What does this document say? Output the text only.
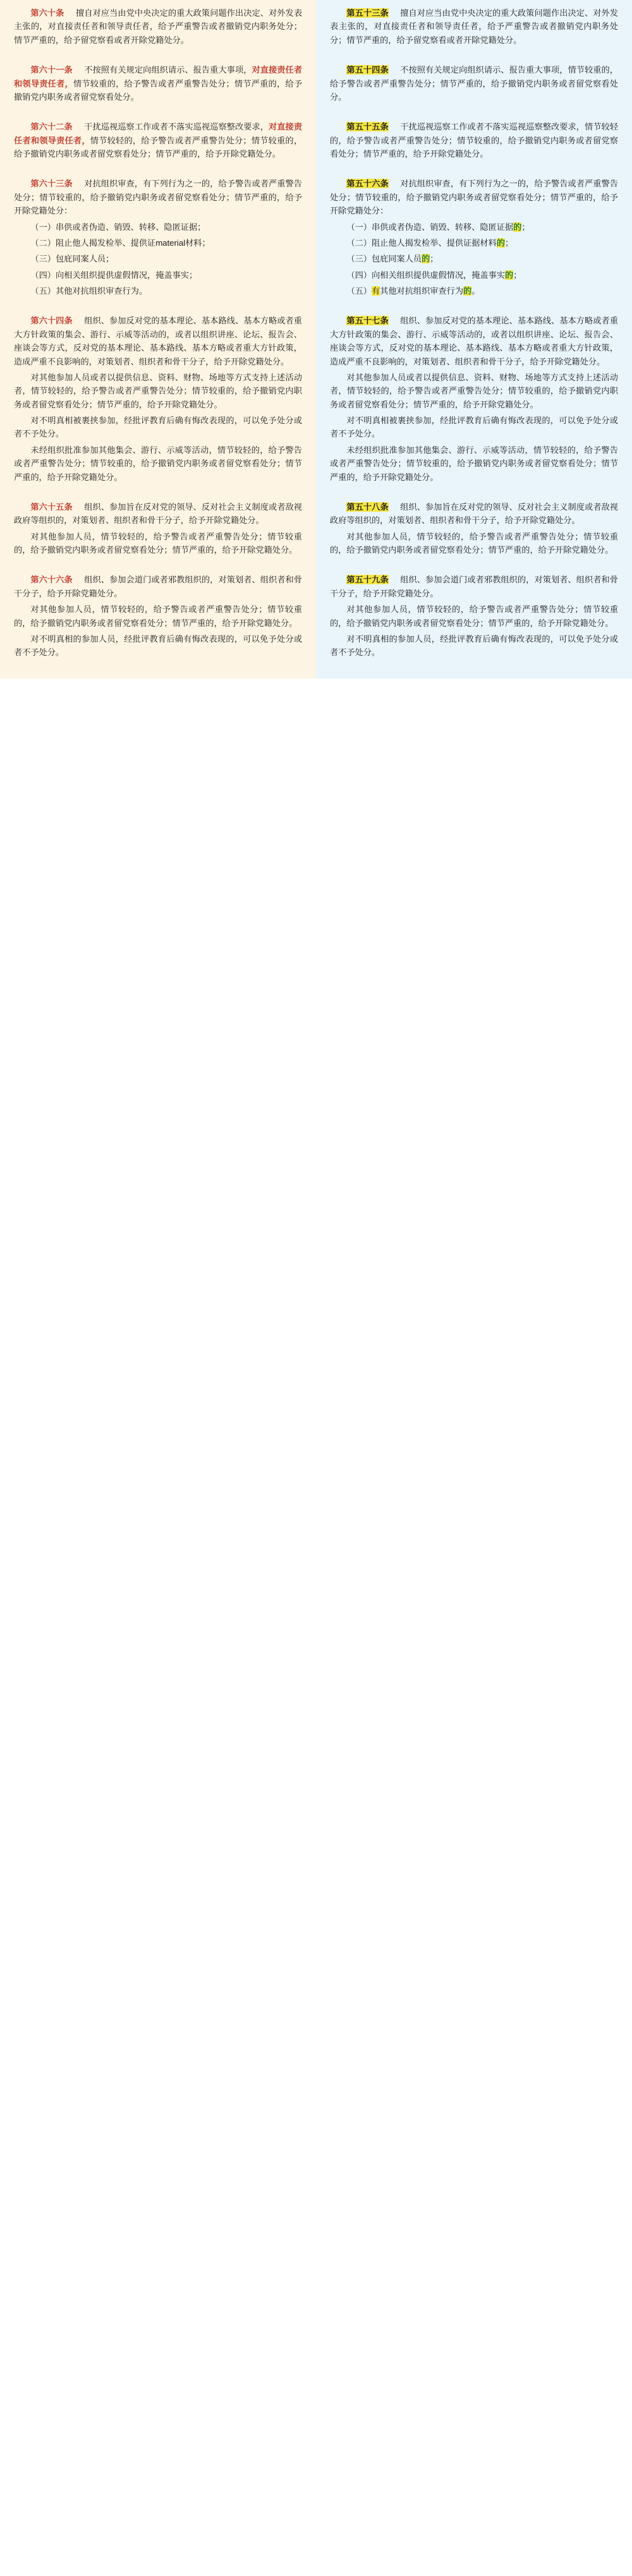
第六十条 擅自对应当由党中央决定的重大政策问题作出决定、对外发表主张的，对直接责任者和领导责任者，给予严重警告或者撤销党内职务处分；情节严重的，给予留党察看或者开除党籍处分。

第六十一条 不按照有关规定向组织请示、报告重大事项，对直接责任者和领导责任者，情节较重的，给予警告或者严重警告处分；情节严重的，给予撤销党内职务或者留党察看处分。

第六十二条 干扰巡视巡察工作或者不落实巡视巡察整改要求，对直接责任者和领导责任者，情节较轻的，给予警告或者严重警告处分；情节较重的，给予撤销党内职务或者留党察看处分；情节严重的，给予开除党籍处分。

第六十三条 对抗组织审查，有下列行为之一的，给予警告或者严重警告处分；情节较重的，给予撤销党内职务或者留党察看处分；情节严重的，给予开除党籍处分：

（一）串供或者伪造、销毁、转移、隐匿证据；

（二）阻止他人揭发检举、提供证material材料；

（三）包庇同案人员；

（四）向相关组织提供虚假情况，掩盖事实；

（五）其他对抗组织审查行为。

第六十四条 组织、参加反对党的基本理论、基本路线、基本方略或者重大方针政策的集会、游行、示威等活动的，或者以组织讲座、论坛、报告会、座谈会等方式，反对党的基本理论、基本路线、基本方略或者重大方针政策，造成严重不良影响的，对策划者、组织者和骨干分子，给予开除党籍处分。

对其他参加人员或者以提供信息、资料、财物、场地等方式支持上述活动者，情节较轻的，给予警告或者严重警告处分；情节较重的，给予撤销党内职务或者留党察看处分；情节严重的，给予开除党籍处分。

对不明真相被裹挟参加，经批评教育后确有悔改表现的，可以免予处分或者不予处分。

未经组织批准参加其他集会、游行、示威等活动，情节较轻的，给予警告或者严重警告处分；情节较重的，给予撤销党内职务或者留党察看处分；情节严重的，给予开除党籍处分。

第六十五条 组织、参加旨在反对党的领导、反对社会主义制度或者敌视政府等组织的，对策划者、组织者和骨干分子，给予开除党籍处分。

对其他参加人员，情节较轻的，给予警告或者严重警告处分；情节较重的，给予撤销党内职务或者留党察看处分；情节严重的，给予开除党籍处分。

第六十六条 组织、参加会道门或者邪教组织的，对策划者、组织者和骨干分子，给予开除党籍处分。

对其他参加人员，情节较轻的，给予警告或者严重警告处分；情节较重的，给予撤销党内职务或者留党察看处分；情节严重的，给予开除党籍处分。

对不明真相的参加人员，经批评教育后确有悔改表现的，可以免予处分或者不予处分。

第五十三条 擅自对应当由党中央决定的重大政策问题作出决定、对外发表主张的，对直接责任者和领导责任者，给予严重警告或者撤销党内职务处分；情节严重的，给予留党察看或者开除党籍处分。

第五十四条 不按照有关规定向组织请示、报告重大事项，情节较重的，给予警告或者严重警告处分；情节严重的，给予撤销党内职务或者留党察看处分。

第五十五条 干扰巡视巡察工作或者不落实巡视巡察整改要求，情节较轻的，给予警告或者严重警告处分；情节较重的，给予撤销党内职务或者留党察看处分；情节严重的，给予开除党籍处分。

第五十六条 对抗组织审查，有下列行为之一的，给予警告或者严重警告处分；情节较重的，给予撤销党内职务或者留党察看处分；情节严重的，给予开除党籍处分：

（一）串供或者伪造、销毁、转移、隐匿证据的；

（二）阻止他人揭发检举、提供证据材料的；

（三）包庇同案人员的；

（四）向相关组织提供虚假情况，掩盖事实的；

（五）有其他对抗组织审查行为的。

第五十七条 组织、参加反对党的基本理论、基本路线、基本方略或者重大方针政策的集会、游行、示威等活动的，或者以组织讲座、论坛、报告会、座谈会等方式，反对党的基本理论、基本路线、基本方略或者重大方针政策，造成严重不良影响的，对策划者、组织者和骨干分子，给予开除党籍处分。

对其他参加人员或者以提供信息、资料、财物、场地等方式支持上述活动者，情节较轻的，给予警告或者严重警告处分；情节较重的，给予撤销党内职务或者留党察看处分；情节严重的，给予开除党籍处分。

对不明真相被裹挟参加，经批评教育后确有悔改表现的，可以免予处分或者不予处分。

未经组织批准参加其他集会、游行、示威等活动，情节较轻的，给予警告或者严重警告处分；情节较重的，给予撤销党内职务或者留党察看处分；情节严重的，给予开除党籍处分。

第五十八条 组织、参加旨在反对党的领导、反对社会主义制度或者敌视政府等组织的，对策划者、组织者和骨干分子，给予开除党籍处分。

对其他参加人员，情节较轻的，给予警告或者严重警告处分；情节较重的，给予撤销党内职务或者留党察看处分；情节严重的，给予开除党籍处分。

第五十九条 组织、参加会道门或者邪教组织的，对策划者、组织者和骨干分子，给予开除党籍处分。

对其他参加人员，情节较轻的，给予警告或者严重警告处分；情节较重的，给予撤销党内职务或者留党察看处分；情节严重的，给予开除党籍处分。

对不明真相的参加人员，经批评教育后确有悔改表现的，可以免予处分或者不予处分。
